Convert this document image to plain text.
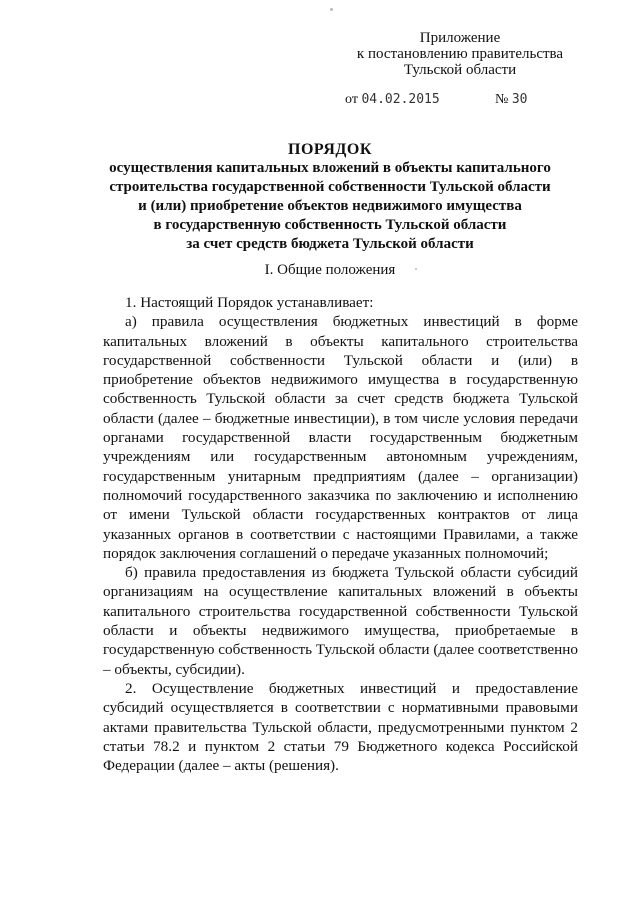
Приложение
к постановлению правительства
Тульской области
от 04.02.2015	№ 30
ПОРЯДОК
осуществления капитальных вложений в объекты капитального
строительства государственной собственности Тульской области
и (или) приобретение объектов недвижимого имущества
в государственную собственность Тульской области
за счет средств бюджета Тульской области
I. Общие положения

1. Настоящий Порядок устанавливает:

а) правила осуществления бюджетных инвестиций в форме капитальных вложений в объекты капитального строительства государственной собственности Тульской области и (или) в приобретение объектов недвижимого имущества в государственную собственность Тульской области за счет средств бюджета Тульской области (далее – бюджетные инвестиции), в том числе условия передачи органами государственной власти государственным бюджетным учреждениям или государственным автономным учреждениям, государственным унитарным предприятиям (далее – организации) полномочий государственного заказчика по заключению и исполнению от имени Тульской области государственных контрактов от лица указанных органов в соответствии с настоящими Правилами, а также порядок заключения соглашений о передаче указанных полномочий;

б) правила предоставления из бюджета Тульской области субсидий организациям на осуществление капитальных вложений в объекты капитального строительства государственной собственности Тульской области и объекты недвижимого имущества, приобретаемые в государственную собственность Тульской области (далее соответственно – объекты, субсидии).

2. Осуществление бюджетных инвестиций и предоставление субсидий осуществляется в соответствии с нормативными правовыми актами правительства Тульской области, предусмотренными пунктом 2 статьи 78.2 и пунктом 2 статьи 79 Бюджетного кодекса Российской Федерации (далее – акты (решения).
